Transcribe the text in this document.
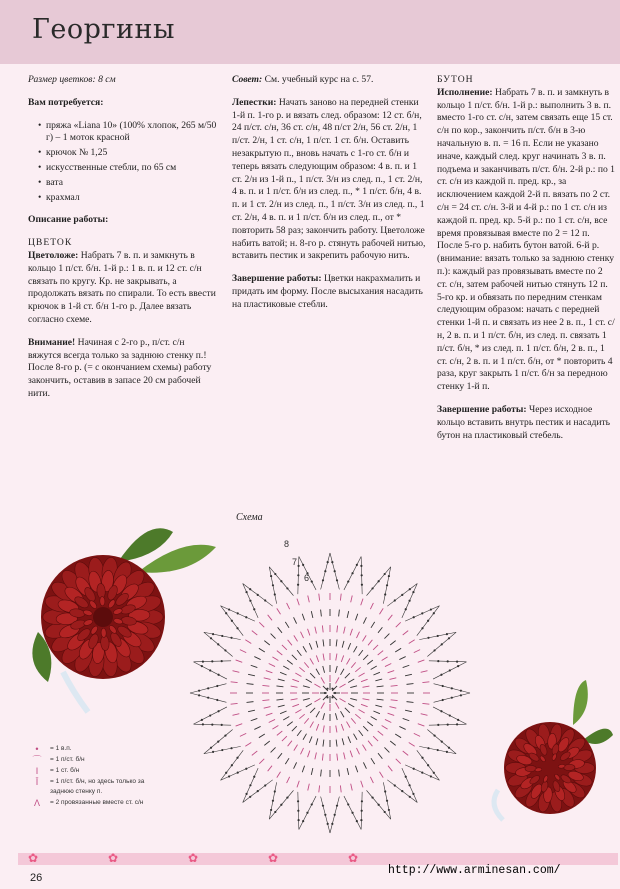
Георгины

Размер цветков: 8 см

Вам потребуется:

• пряжа «Liana 10» (100% хлопок, 265 м/50 г) – 1 моток красной
• крючок № 1,25
• искусственные стебли, по 65 см
• вата
• крахмал

Описание работы:

ЦВЕТОК

Цветоложе: Набрать 7 в. п. и замкнуть в кольцо 1 п/ст. б/н. 1-й р.: 1 в. п. и 12 ст. с/н связать по кругу. Кр. не закрывать, а продолжать вязать по спирали. То есть ввести крючок в 1-й ст. б/н 1-го р. Далее вязать согласно схеме.

Внимание! Начиная с 2-го р., п/ст. с/н вяжутся всегда только за заднюю стенку п.! После 8-го р. (= с окончанием схемы) работу закончить, оставив в запасе 20 см рабочей нити.

Совет: См. учебный курс на с. 57.

Лепестки: Начать заново на передней стенки 1-й п. 1-го р. и вязать след. образом: 12 ст. б/н, 24 п/ст. с/н, 36 ст. с/н, 48 п/ст 2/н, 56 ст. 2/н, 1 п/ст. 2/н, 1 ст. с/н, 1 п/ст. 1 ст. б/н. Оставить незакрытую п., вновь начать с 1-го ст. б/н и теперь вязать следующим образом: 4 в. п. и 1 ст. 2/н из 1-й п., 1 п/ст. 3/н из след. п., 1 ст. 2/н, 4 в. п. и 1 п/ст. б/н из след. п., * 1 п/ст. б/н, 4 в. п. и 1 ст. 2/н из след. п., 1 п/ст. 3/н из след. п., 1 ст. 2/н, 4 в. п. и 1 п/ст. б/н из след. п., от * повторить 58 раз; закончить работу. Цветоложе набить ватой; н. 8-го р. стянуть рабочей нитью, вставить пестик и закрепить рабочую нить.

Завершение работы: Цветки накрахмалить и придать им форму. После высыхания насадить на пластиковые стебли.

БУТОН

Исполнение: Набрать 7 в. п. и замкнуть в кольцо 1 п/ст. б/н. 1-й р.: выполнить 3 в. п. вместо 1-го ст. с/н, затем связать еще 15 ст. с/н по кор., закончить п/ст. б/н в 3-ю начальную в. п. = 16 п. Если не указано иначе, каждый след. круг начинать 3 в. п. подъема и заканчивать п/ст. б/н. 2-й р.: по 1 ст. с/н из каждой п. пред. кр., за исключением каждой 2-й п. вязать по 2 ст. с/н = 24 ст. с/н. 3-й и 4-й р.: по 1 ст. с/н из каждой п. пред. кр. 5-й р.: по 1 ст. с/н, все время провязывая вместе по 2 = 12 п. После 5-го р. набить бутон ватой. 6-й р. (внимание: вязать только за заднюю стенку п.): каждый раз провязывать вместе по 2 ст. с/н, затем рабочей нитью стянуть 12 п. 5-го кр. и обвязать по передним стенкам следующим образом: начать с передней стенки 1-й п. и связать из нее 2 в. п., 1 ст. с/н, 2 в. п. и 1 п/ст. б/н, из след. п. связать 1 п/ст. б/н, * из след. п. 1 п/ст. б/н, 2 в. п., 1 ст. с/н, 2 в. п. и 1 п/ст. б/н, от * повторить 4 раза, круг закрыть 1 п/ст. б/н за передною стенку 1-й п.

Завершение работы: Через исходное кольцо вставить внутрь пестик и насадить бутон на пластиковый стебель.

Схема
8
7
6
•	= 1 в.п.
⌒	= 1 п/ст. б/н
I	= 1 ст. б/н
Ī	= 1 п/ст. б/н, но здесь только за заднюю стенку п.
Λ	= 2 провязанные вместе ст. с/н
✿	✿	✿	✿	✿
26
http://www.arminesan.com/
